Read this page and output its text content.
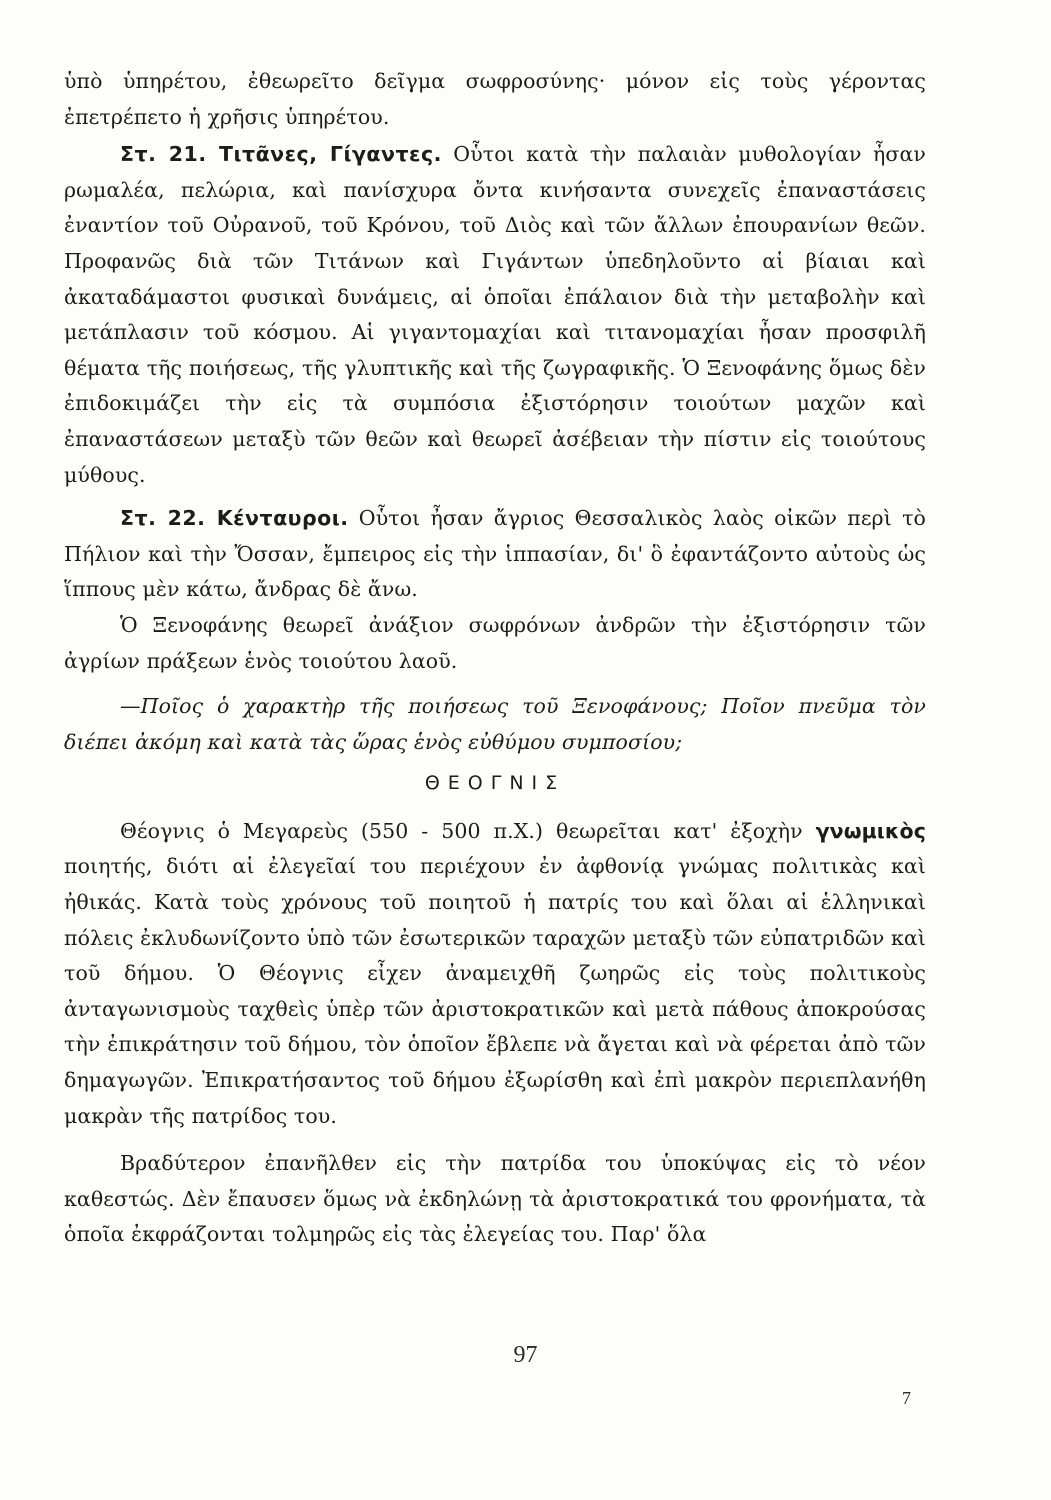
ὑπὸ ὑπηρέτου, ἐθεωρεῖτο δεῖγμα σωφροσύνης· μόνον εἰς τοὺς γέροντας ἐπετρέπετο ἡ χρῆσις ὑπηρέτου.

Στ. 21. Τιτᾶνες, Γίγαντες. Οὗτοι κατὰ τὴν παλαιὰν μυθολογίαν ἦσαν ρωμαλέα, πελώρια, καὶ πανίσχυρα ὄντα κινήσαντα συνεχεῖς ἐπαναστάσεις ἐναντίον τοῦ Οὐρανοῦ, τοῦ Κρόνου, τοῦ Διὸς καὶ τῶν ἄλλων ἐπουρανίων θεῶν. Προφανῶς διὰ τῶν Τιτάνων καὶ Γιγάντων ὑπεδηλοῦντο αἱ βίαιαι καὶ ἀκαταδάμαστοι φυσικαὶ δυνάμεις, αἱ ὁποῖαι ἐπάλαιον διὰ τὴν μεταβολὴν καὶ μετάπλασιν τοῦ κόσμου. Αἱ γιγαντομαχίαι καὶ τιτανομαχίαι ἦσαν προσφιλῆ θέματα τῆς ποιήσεως, τῆς γλυπτικῆς καὶ τῆς ζωγραφικῆς. Ὁ Ξενοφάνης ὅμως δὲν ἐπιδοκιμάζει τὴν εἰς τὰ συμπόσια ἐξιστόρησιν τοιούτων μαχῶν καὶ ἐπαναστάσεων μεταξὺ τῶν θεῶν καὶ θεωρεῖ ἀσέβειαν τὴν πίστιν εἰς τοιούτους μύθους.

Στ. 22. Κένταυροι. Οὗτοι ἦσαν ἄγριος Θεσσαλικὸς λαὸς οἰκῶν περὶ τὸ Πήλιον καὶ τὴν Ὄσσαν, ἔμπειρος εἰς τὴν ἱππασίαν, δι' ὃ ἐφαντάζοντο αὐτοὺς ὡς ἵππους μὲν κάτω, ἄνδρας δὲ ἄνω.

Ὁ Ξενοφάνης θεωρεῖ ἀνάξιον σωφρόνων ἀνδρῶν τὴν ἐξιστόρησιν τῶν ἀγρίων πράξεων ἑνὸς τοιούτου λαοῦ.

—Ποῖος ὁ χαρακτὴρ τῆς ποιήσεως τοῦ Ξενοφάνους; Ποῖον πνεῦμα τὸν διέπει ἀκόμη καὶ κατὰ τὰς ὥρας ἑνὸς εὐθύμου συμποσίου;

ΘΕΟΓΝΙΣ

Θέογνις ὁ Μεγαρεὺς (550 - 500 π.Χ.) θεωρεῖται κατ' ἐξοχὴν γνωμικὸς ποιητής, διότι αἱ ἐλεγεῖαί του περιέχουν ἐν ἀφθονίᾳ γνώμας πολιτικὰς καὶ ἠθικάς. Κατὰ τοὺς χρόνους τοῦ ποιητοῦ ἡ πατρίς του καὶ ὅλαι αἱ ἑλληνικαὶ πόλεις ἐκλυδωνίζοντο ὑπὸ τῶν ἐσωτερικῶν ταραχῶν μεταξὺ τῶν εὐπατριδῶν καὶ τοῦ δήμου. Ὁ Θέογνις εἶχεν ἀναμειχθῆ ζωηρῶς εἰς τοὺς πολιτικοὺς ἀνταγωνισμοὺς ταχθεὶς ὑπὲρ τῶν ἀριστοκρατικῶν καὶ μετὰ πάθους ἀποκρούσας τὴν ἐπικράτησιν τοῦ δήμου, τὸν ὁποῖον ἔβλεπε νὰ ἄγεται καὶ νὰ φέρεται ἀπὸ τῶν δημαγωγῶν. Ἐπικρατήσαντος τοῦ δήμου ἐξωρίσθη καὶ ἐπὶ μακρὸν περιεπλανήθη μακρὰν τῆς πατρίδος του.

Βραδύτερον ἐπανῆλθεν εἰς τὴν πατρίδα του ὑποκύψας εἰς τὸ νέον καθεστώς. Δὲν ἔπαυσεν ὅμως νὰ ἐκδηλώνῃ τὰ ἀριστοκρατικά του φρονήματα, τὰ ὁποῖα ἐκφράζονται τολμηρῶς εἰς τὰς ἐλεγείας του. Παρ' ὅλα

97
7
